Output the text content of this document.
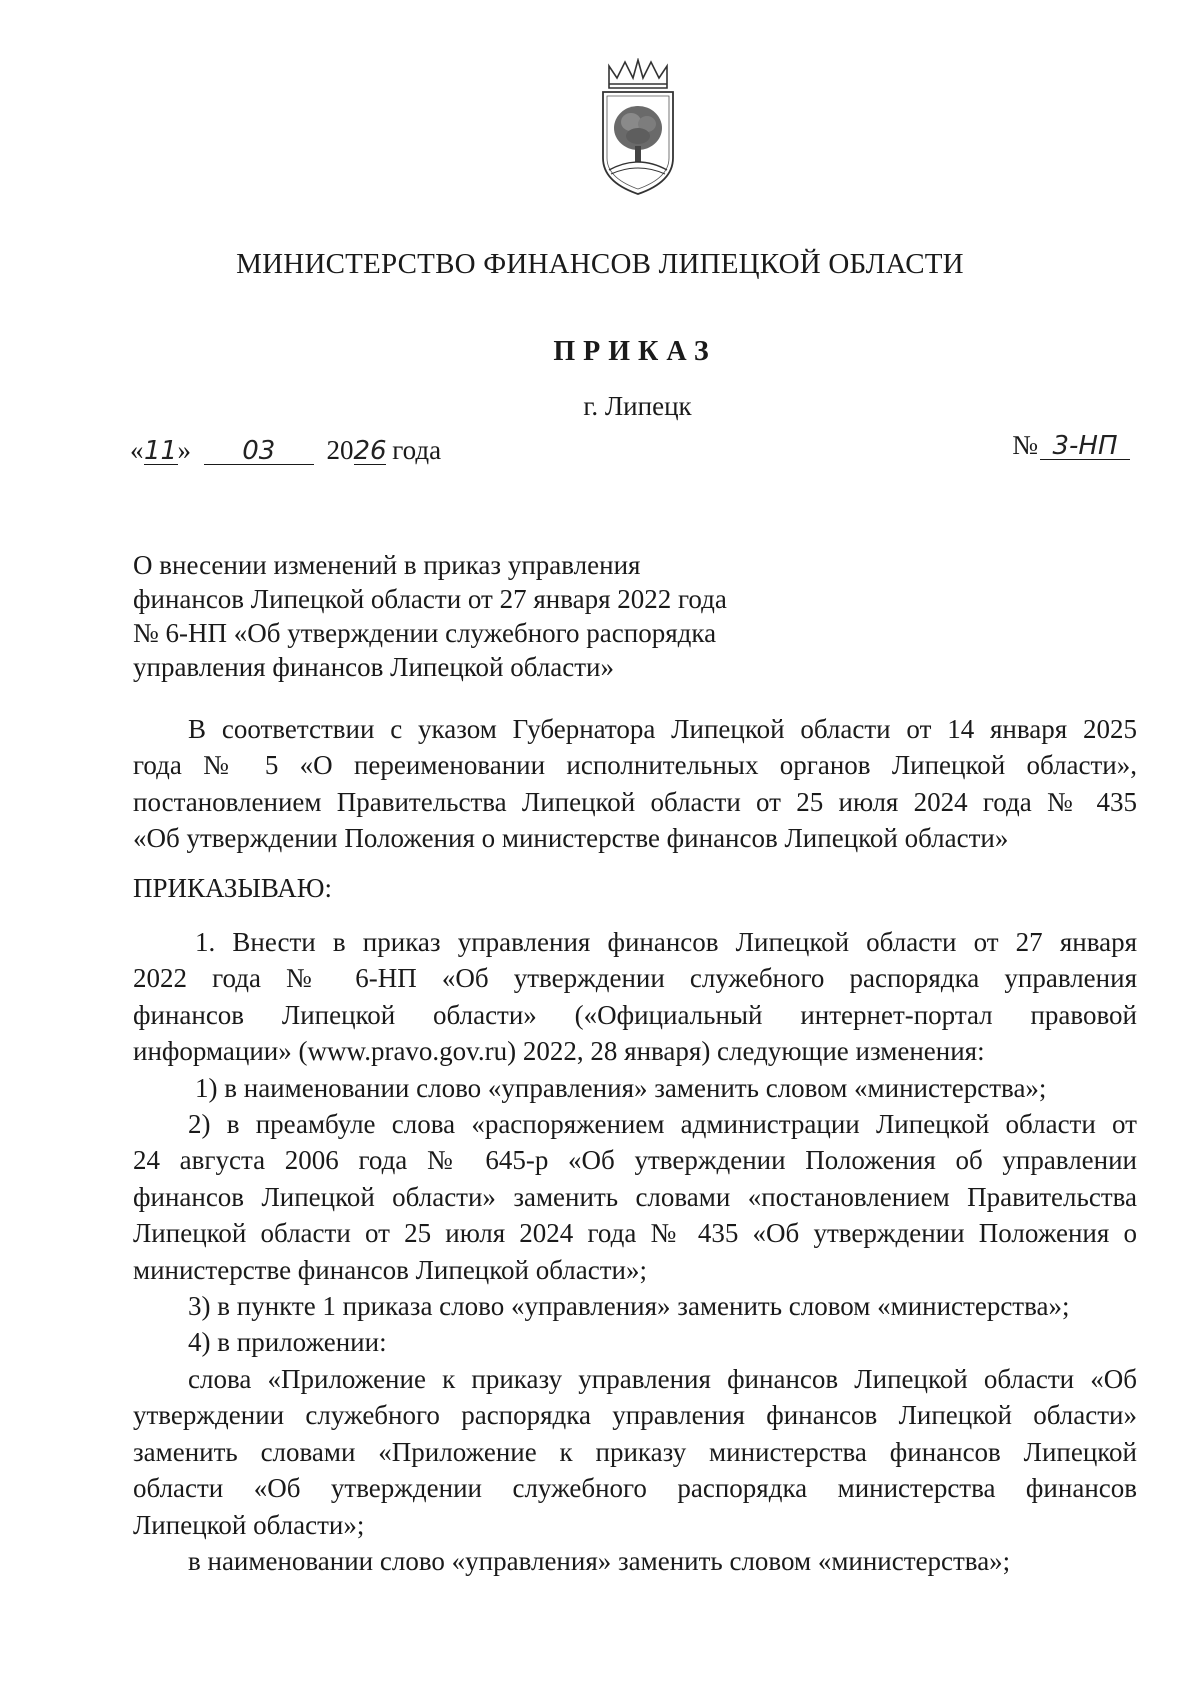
МИНИСТЕРСТВО ФИНАНСОВ ЛИПЕЦКОЙ ОБЛАСТИ
ПРИКАЗ
г. Липецк
«11» 03 2026 года	№ 3-НП
О внесении изменений в приказ управления
финансов Липецкой области от 27 января 2022 года
№ 6-НП «Об утверждении служебного распорядка
управления финансов Липецкой области»
В соответствии с указом Губернатора Липецкой области от 14 января 2025
года № 5 «О переименовании исполнительных органов Липецкой области»,
постановлением Правительства Липецкой области от 25 июля 2024 года № 435
«Об утверждении Положения о министерстве финансов Липецкой области»
ПРИКАЗЫВАЮ:
1. Внести в приказ управления финансов Липецкой области от 27 января
2022 года № 6-НП «Об утверждении служебного распорядка управления
финансов Липецкой области» («Официальный интернет-портал правовой
информации» (www.pravo.gov.ru) 2022, 28 января) следующие изменения:
1) в наименовании слово «управления» заменить словом «министерства»;
2) в преамбуле слова «распоряжением администрации Липецкой области от
24 августа 2006 года № 645-р «Об утверждении Положения об управлении
финансов Липецкой области» заменить словами «постановлением Правительства
Липецкой области от 25 июля 2024 года № 435 «Об утверждении Положения о
министерстве финансов Липецкой области»;
3) в пункте 1 приказа слово «управления» заменить словом «министерства»;
4) в приложении:
слова «Приложение к приказу управления финансов Липецкой области «Об
утверждении служебного распорядка управления финансов Липецкой области»
заменить словами «Приложение к приказу министерства финансов Липецкой
области «Об утверждении служебного распорядка министерства финансов
Липецкой области»;
в наименовании слово «управления» заменить словом «министерства»;
